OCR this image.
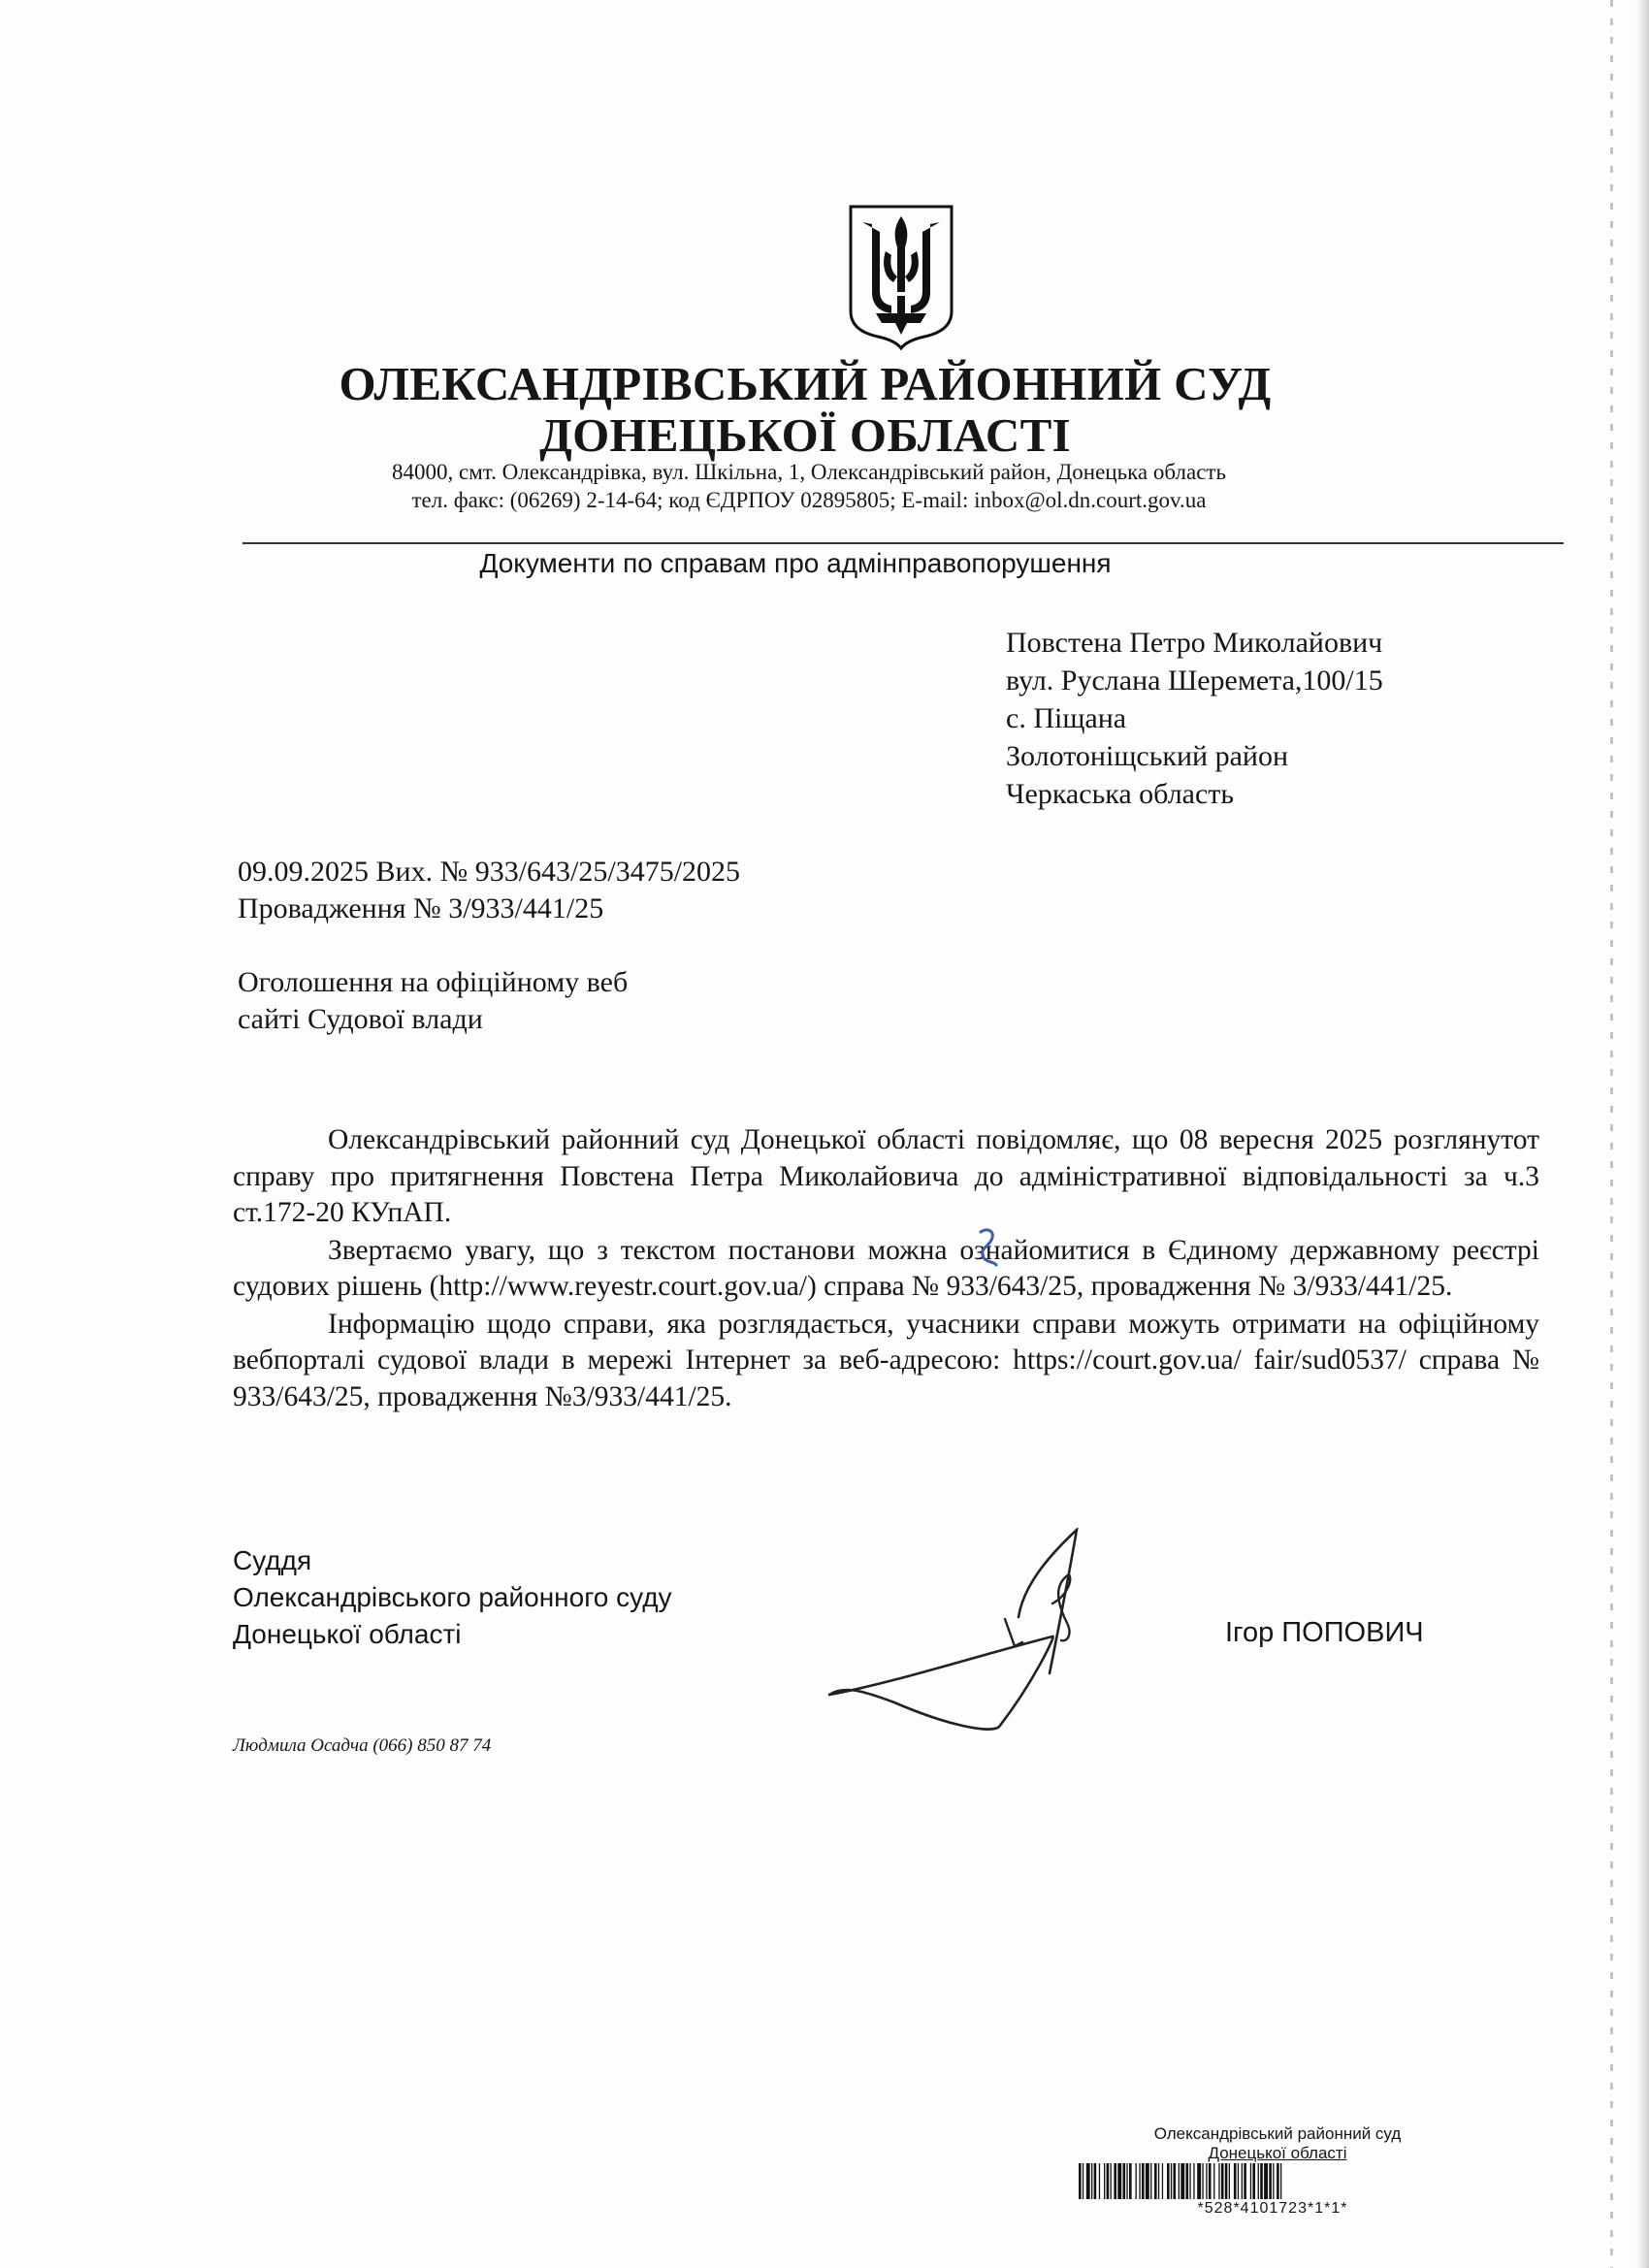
ОЛЕКСАНДРІВСЬКИЙ РАЙОННИЙ СУД
ДОНЕЦЬКОЇ ОБЛАСТІ
84000, смт. Олександрівка, вул. Шкільна, 1, Олександрівський район, Донецька область
тел. факс: (06269) 2-14-64; код ЄДРПОУ 02895805; E-mail: inbox@ol.dn.court.gov.ua
Документи по справам про адмінправопорушення
Повстена Петро Миколайович
вул. Руслана Шеремета,100/15
с. Піщана
Золотоніщський район
Черкаська область
09.09.2025 Вих. № 933/643/25/3475/2025
Провадження № 3/933/441/25
Оголошення на офіційному веб
сайті Судової влади

Олександрівський районний суд Донецької області повідомляє, що 08 вересня 2025 розглянутот справу про притягнення Повстена Петра Миколайовича до адміністративної відповідальності за ч.3 ст.172-20 КУпАП.

Звертаємо увагу, що з текстом постанови можна ознайомитися в Єдиному державному реєстрі судових рішень (http://www.reyestr.court.gov.ua/) справа № 933/643/25, провадження № 3/933/441/25.

Інформацію щодо справи, яка розглядається, учасники справи можуть отримати на офіційному вебпорталі судової влади в мережі Інтернет за веб-адресою: https://court.gov.ua/ fair/sud0537/ справа № 933/643/25, провадження №3/933/441/25.

Суддя
Олександрівського районного суду
Донецької області	Ігор ПОПОВИЧ
Людмила Осадча (066) 850 87 74
Олександрівський районний суд
Донецької області
*528*4101723*1*1*
